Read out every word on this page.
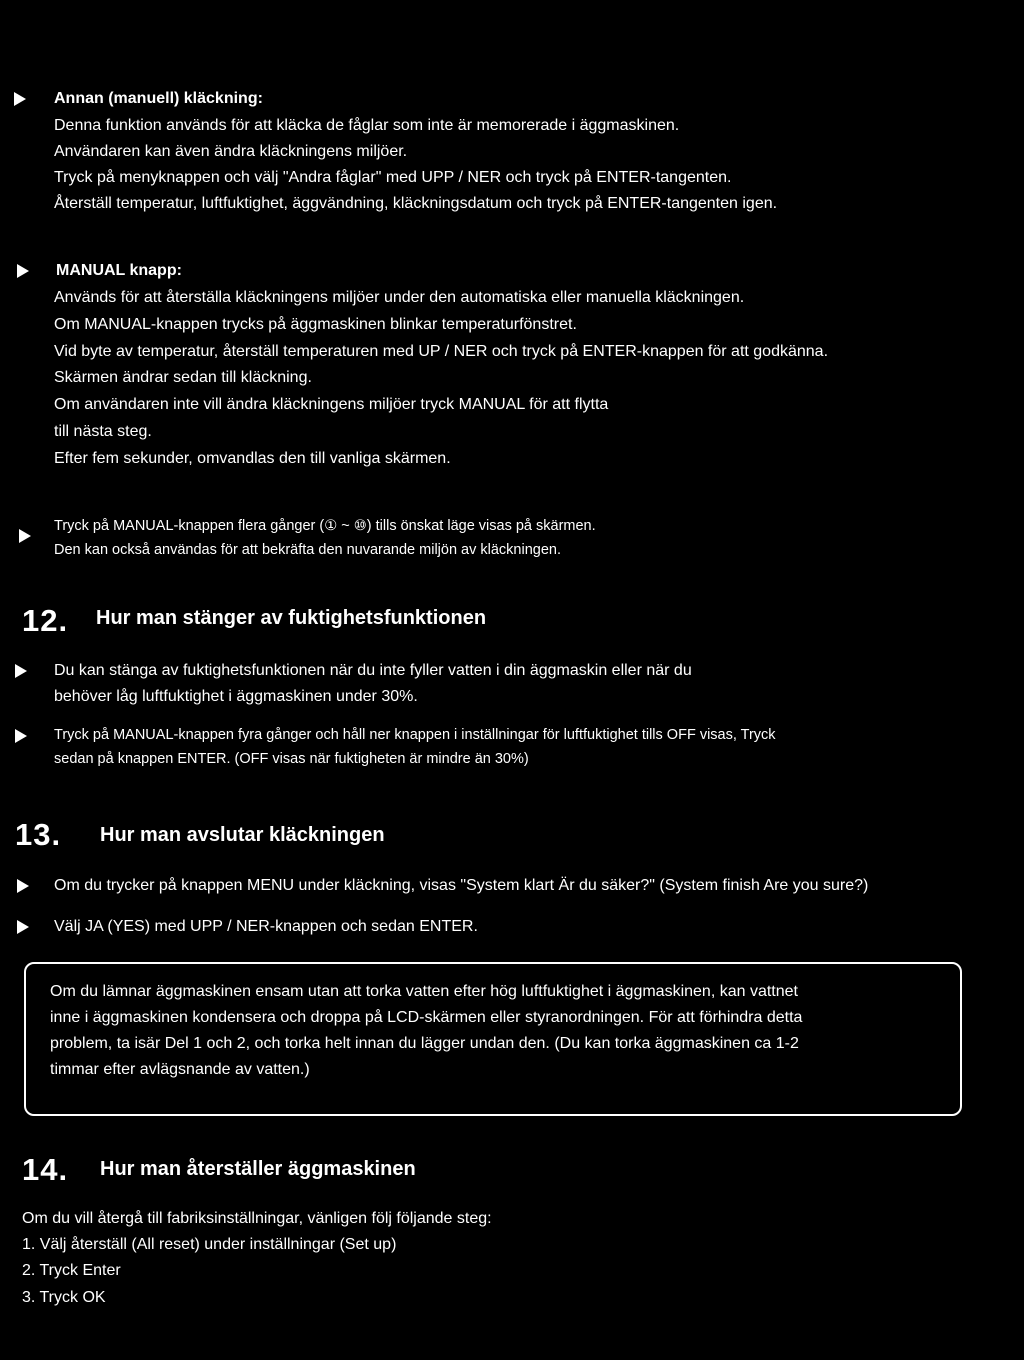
Annan (manuell) kläckning:
Denna funktion används för att kläcka de fåglar som inte är memorerade i äggmaskinen.
Användaren kan även ändra kläckningens miljöer.
Tryck på menyknappen och välj "Andra fåglar" med UPP / NER och tryck på ENTER-tangenten.
Återställ temperatur, luftfuktighet, äggvändning, kläckningsdatum och tryck på ENTER-tangenten igen.
MANUAL knapp:
Används för att återställa kläckningens miljöer under den automatiska eller manuella kläckningen.
Om MANUAL-knappen trycks på äggmaskinen blinkar temperaturfönstret.
Vid byte av temperatur, återställ temperaturen med UP / NER och tryck på ENTER-knappen för att godkänna.
Skärmen ändrar sedan till kläckning.
Om användaren inte vill ändra kläckningens miljöer tryck MANUAL för att flytta
till nästa steg.
Efter fem sekunder, omvandlas den till vanliga skärmen.
Tryck på MANUAL-knappen flera gånger (① ~ ⑩) tills önskat läge visas på skärmen.
Den kan också användas för att bekräfta den nuvarande miljön av kläckningen.
12. Hur man stänger av fuktighetsfunktionen
Du kan stänga av fuktighetsfunktionen när du inte fyller vatten i din äggmaskin eller när du
behöver låg luftfuktighet i äggmaskinen under 30%.
Tryck på MANUAL-knappen fyra gånger och håll ner knappen i inställningar för luftfuktighet tills OFF visas, Tryck
sedan på knappen ENTER. (OFF visas när fuktigheten är mindre än 30%)
13. Hur man avslutar kläckningen
Om du trycker på knappen MENU under kläckning, visas "System klart Är du säker?" (System finish Are you sure?)
Välj JA (YES) med UPP / NER-knappen och sedan ENTER.
Om du lämnar äggmaskinen ensam utan att torka vatten efter hög luftfuktighet i äggmaskinen, kan vattnet
inne i äggmaskinen kondensera och droppa på LCD-skärmen eller styranordningen. För att förhindra detta
problem, ta isär Del 1 och 2, och torka helt innan du lägger undan den. (Du kan torka äggmaskinen ca 1-2
timmar efter avlägsnande av vatten.)
14. Hur man återställer äggmaskinen
Om du vill återgå till fabriksinställningar, vänligen följ följande steg:
1. Välj återställ (All reset) under inställningar (Set up)
2. Tryck Enter
3. Tryck OK
